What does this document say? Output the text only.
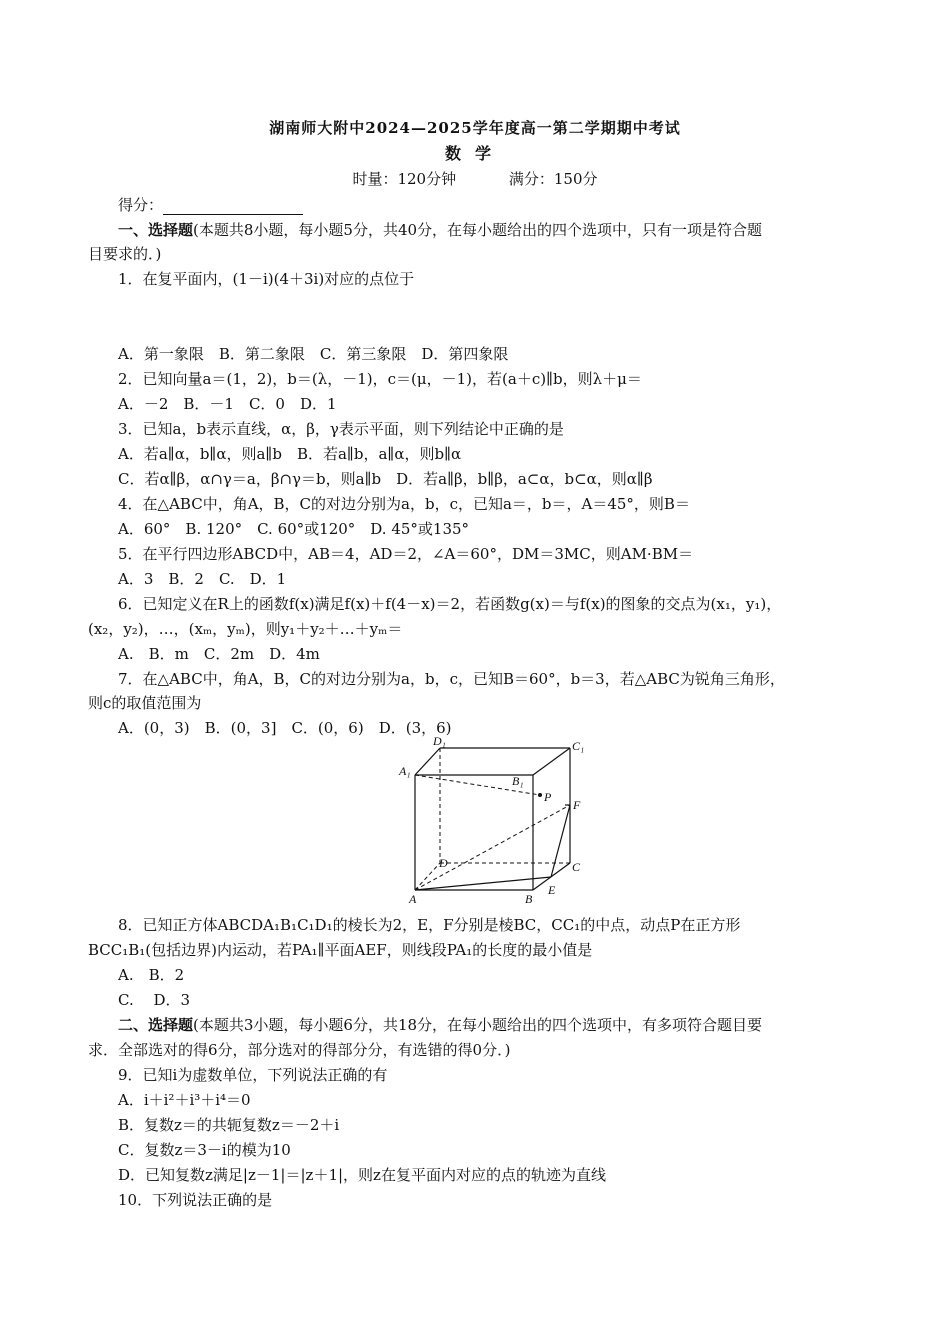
湖南师大附中2024—2025学年度高一第二学期期中考试
数学
时量：120分钟	满分：150分
得分：
一、选择题(本题共8小题，每小题5分，共40分，在每小题给出的四个选项中，只有一项是符合题
目要求的．)
1．在复平面内，(1－i)(4＋3i)对应的点位于
A．第一象限　B．第二象限　C．第三象限　D．第四象限
2．已知向量a＝(1，2)，b＝(λ，－1)，c＝(μ，－1)，若(a＋c)∥b，则λ＋μ＝
A．－2　B．－1　C．0　D．1
3．已知a，b表示直线，α，β，γ表示平面，则下列结论中正确的是
A．若a∥α，b∥α，则a∥b　B．若a∥b，a∥α，则b∥α
C．若α∥β，α∩γ＝a，β∩γ＝b，则a∥b　D．若a∥β，b∥β，a⊂α，b⊂α，则α∥β
4．在△ABC中，角A，B，C的对边分别为a，b，c，已知a＝，b＝，A＝45°，则B＝
A．60°　B. 120°　C. 60°或120°　D. 45°或135°
5．在平行四边形ABCD中，AB＝4，AD＝2，∠A＝60°，DM＝3MC，则AM·BM＝
A．3　B．2　C.　D．1
6．已知定义在R上的函数f(x)满足f(x)＋f(4－x)＝2，若函数g(x)＝与f(x)的图象的交点为(x₁，y₁)，
(x₂，y₂)，…，(xₘ，yₘ)，则y₁＋y₂＋…＋yₘ＝
A.　B．m　C．2m　D．4m
7．在△ABC中，角A，B，C的对边分别为a，b，c，已知B＝60°，b＝3，若△ABC为锐角三角形，
则c的取值范围为
A．(0，3)　B．(0，3]　C．(0，6)　D．(3，6)
D₁	C₁
A₁
B₁
P
F
D	C
A	B
E
8．已知正方体ABCDA₁B₁C₁D₁的棱长为2，E，F分别是棱BC，CC₁的中点，动点P在正方形
BCC₁B₁(包括边界)内运动，若PA₁∥平面AEF，则线段PA₁的长度的最小值是
A.　B．2
C.　 D．3
二、选择题(本题共3小题，每小题6分，共18分，在每小题给出的四个选项中，有多项符合题目要
求．全部选对的得6分，部分选对的得部分分，有选错的得0分．)
9．已知i为虚数单位，下列说法正确的有
A．i＋i²＋i³＋i⁴＝0
B．复数z＝的共轭复数z＝－2＋i
C．复数z＝3－i的模为10
D．已知复数z满足|z－1|＝|z＋1|，则z在复平面内对应的点的轨迹为直线
10．下列说法正确的是
